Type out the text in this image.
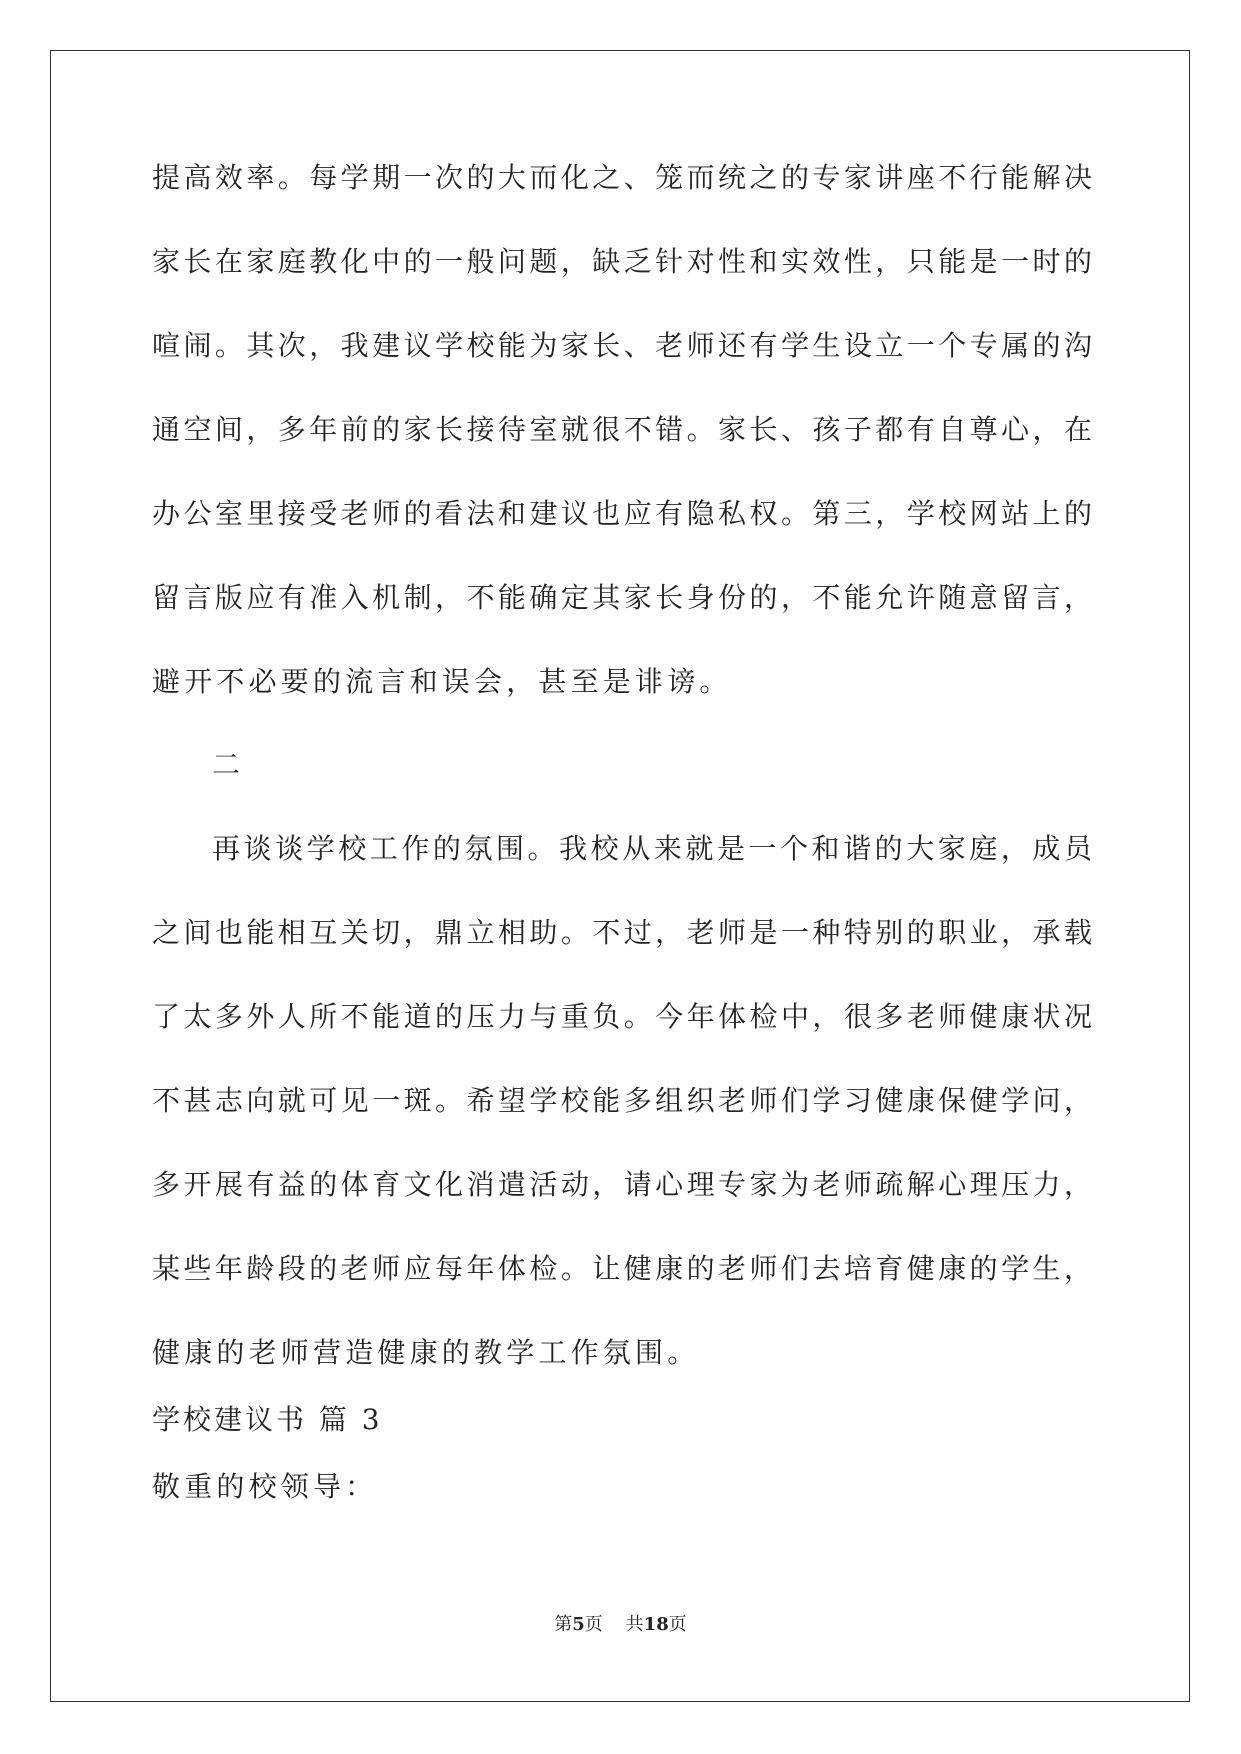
提高效率。每学期一次的大而化之、笼而统之的专家讲座不行能解决
家长在家庭教化中的一般问题，缺乏针对性和实效性，只能是一时的
喧闹。其次，我建议学校能为家长、老师还有学生设立一个专属的沟
通空间，多年前的家长接待室就很不错。家长、孩子都有自尊心，在
办公室里接受老师的看法和建议也应有隐私权。第三，学校网站上的
留言版应有准入机制，不能确定其家长身份的，不能允许随意留言，
避开不必要的流言和误会，甚至是诽谤。
二
再谈谈学校工作的氛围。我校从来就是一个和谐的大家庭，成员
之间也能相互关切，鼎立相助。不过，老师是一种特别的职业，承载
了太多外人所不能道的压力与重负。今年体检中，很多老师健康状况
不甚志向就可见一斑。希望学校能多组织老师们学习健康保健学问，
多开展有益的体育文化消遣活动，请心理专家为老师疏解心理压力，
某些年龄段的老师应每年体检。让健康的老师们去培育健康的学生，
健康的老师营造健康的教学工作氛围。
学校建议书 篇 3
敬重的校领导：
第5页 共18页
